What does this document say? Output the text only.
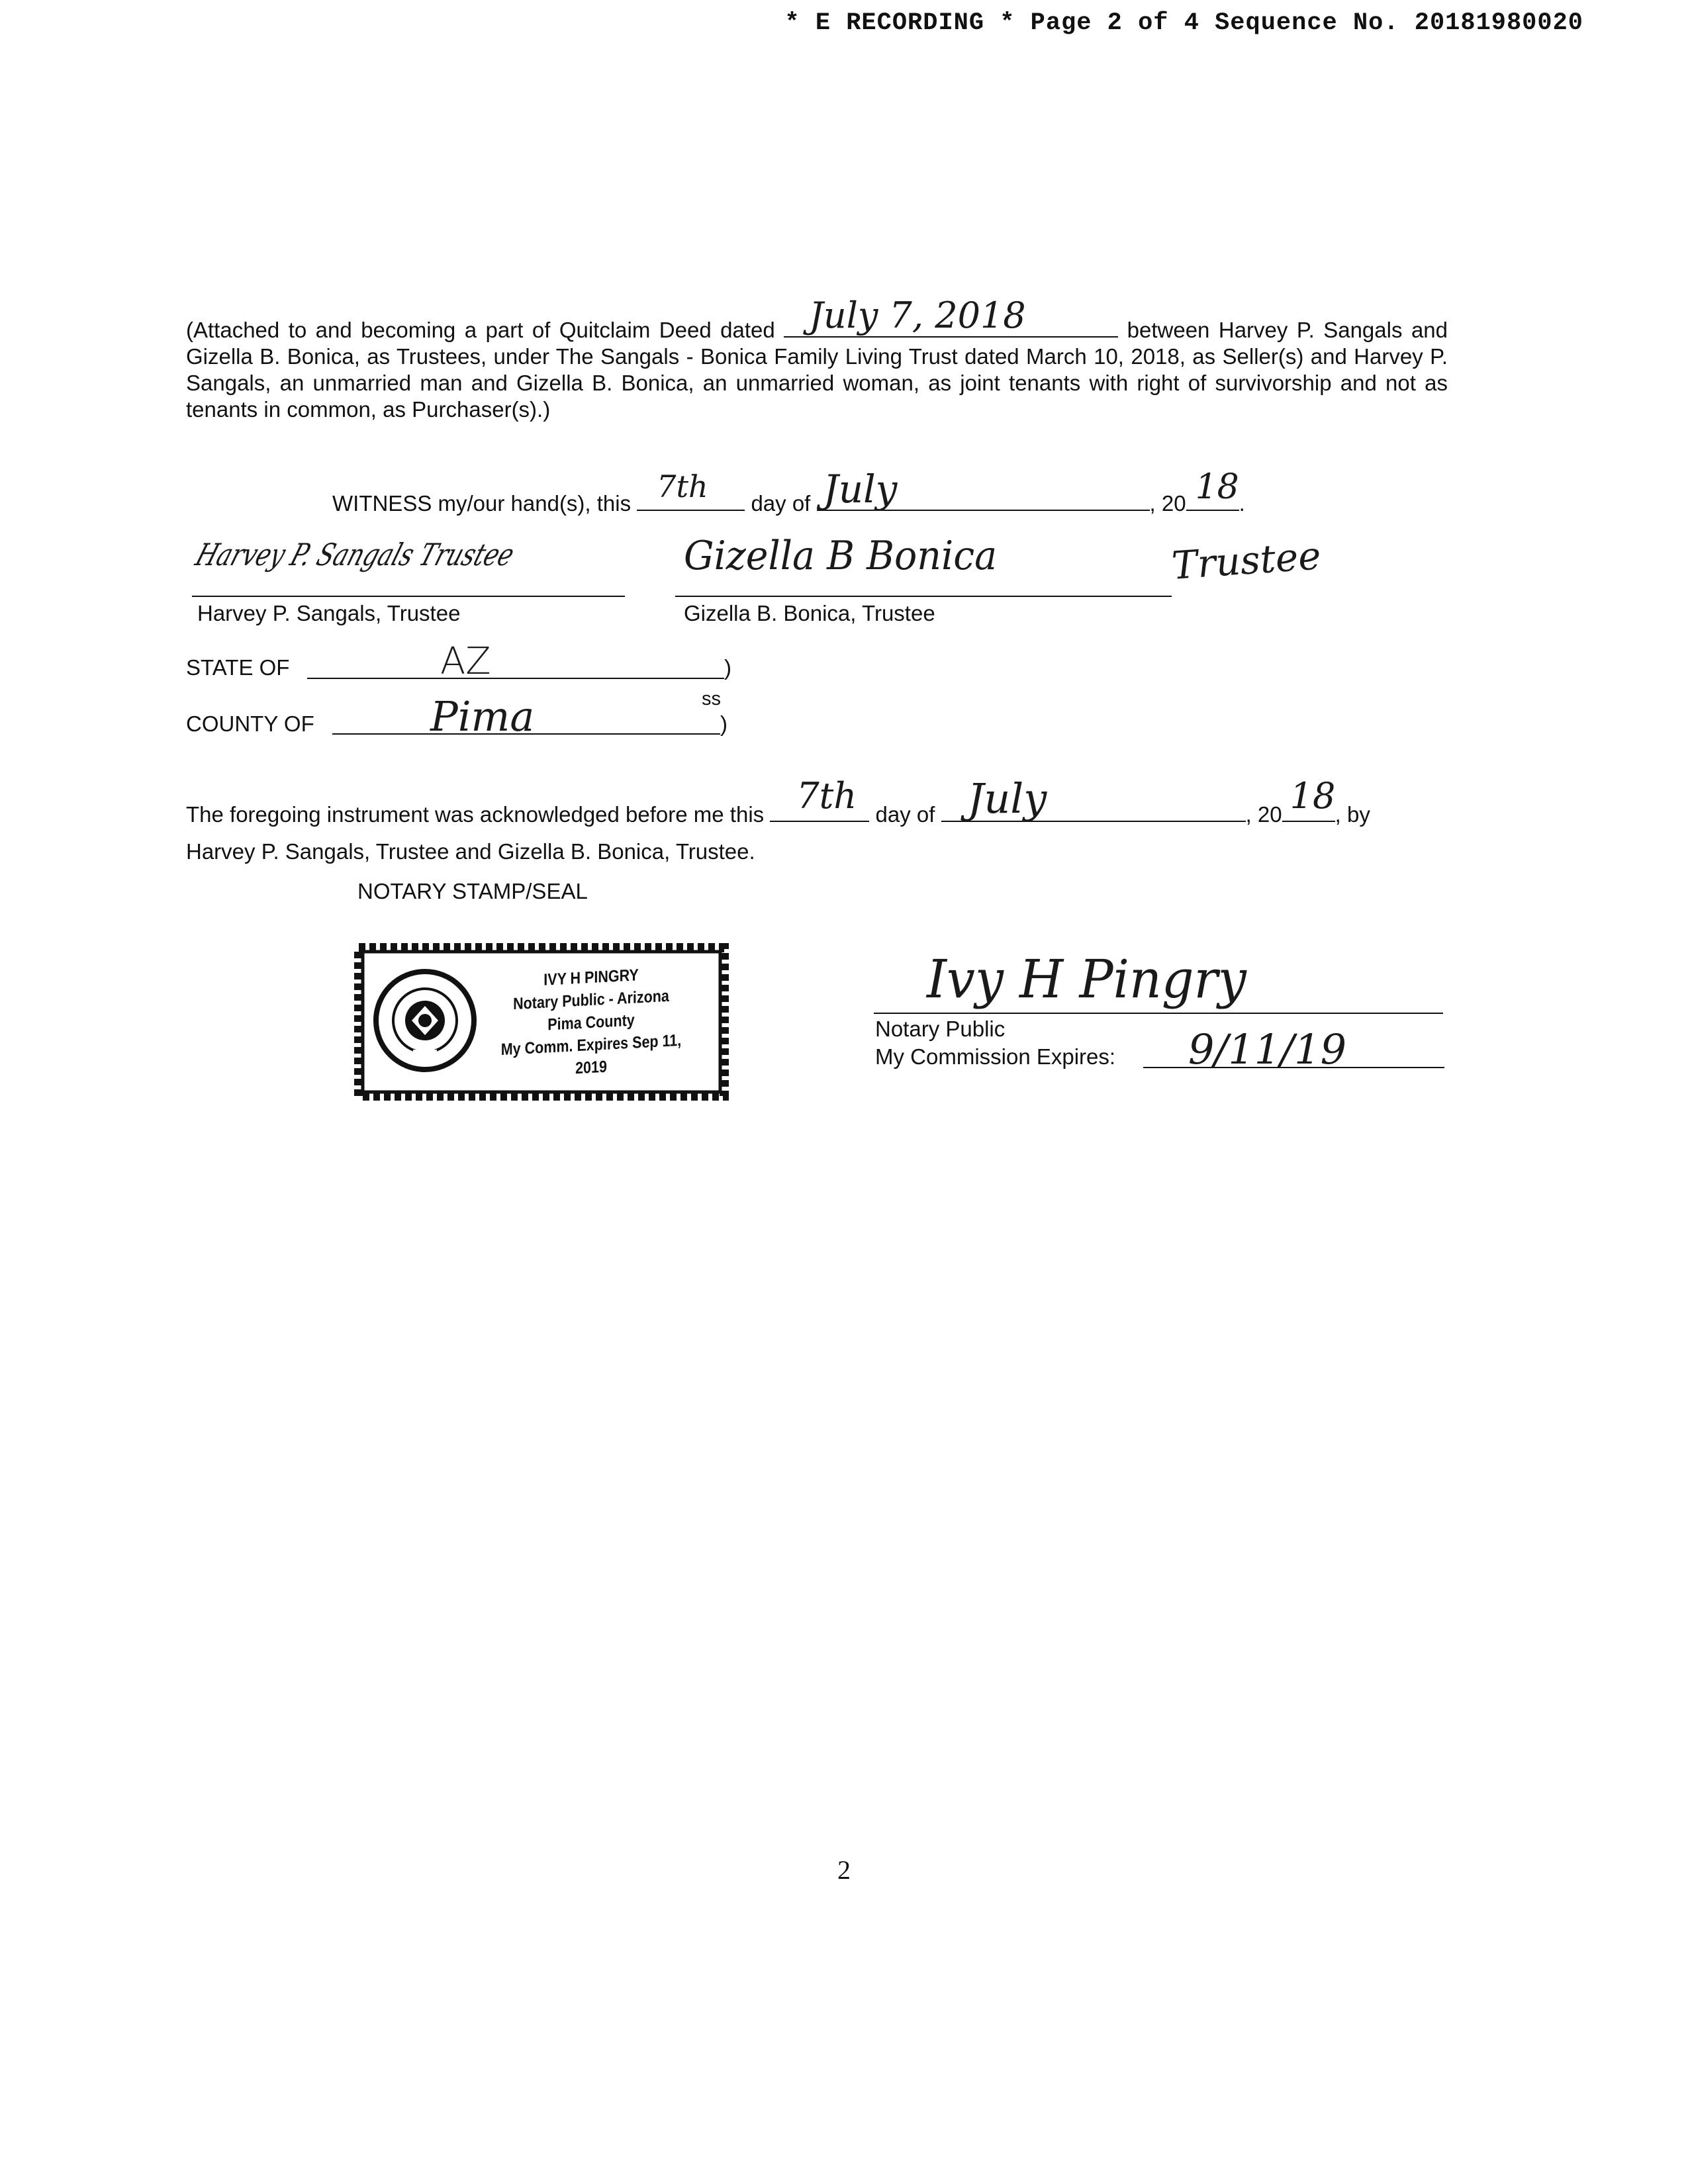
* E RECORDING * Page 2 of 4 Sequence No. 20181980020
(Attached to and becoming a part of Quitclaim Deed dated July 7, 2018	between Harvey P. Sangals and Gizella B. Bonica, as Trustees, under The Sangals - Bonica Family Living Trust dated March 10, 2018, as Seller(s) and Harvey P. Sangals, an unmarried man and Gizella B. Bonica, an unmarried woman, as joint tenants with right of survivorship and not as tenants in common, as Purchaser(s).)
WITNESS my/our hand(s), this 7th day of July	, 20 18 .
Harvey P. Sangals Trustee
Harvey P. Sangals, Trustee
Gizella B Bonica	Trustee
Gizella B. Bonica, Trustee
STATE OF	AZ	)
ss
COUNTY OF	Pima	)
The foregoing instrument was acknowledged before me this 7th day of July	, 20 18 , by
Harvey P. Sangals, Trustee and Gizella B. Bonica, Trustee.
NOTARY STAMP/SEAL
IVY H PINGRY
Notary Public - Arizona
Pima County
My Comm. Expires Sep 11, 2019
Ivy H Pingry
Notary Public
My Commission Expires: 9/11/19
2
